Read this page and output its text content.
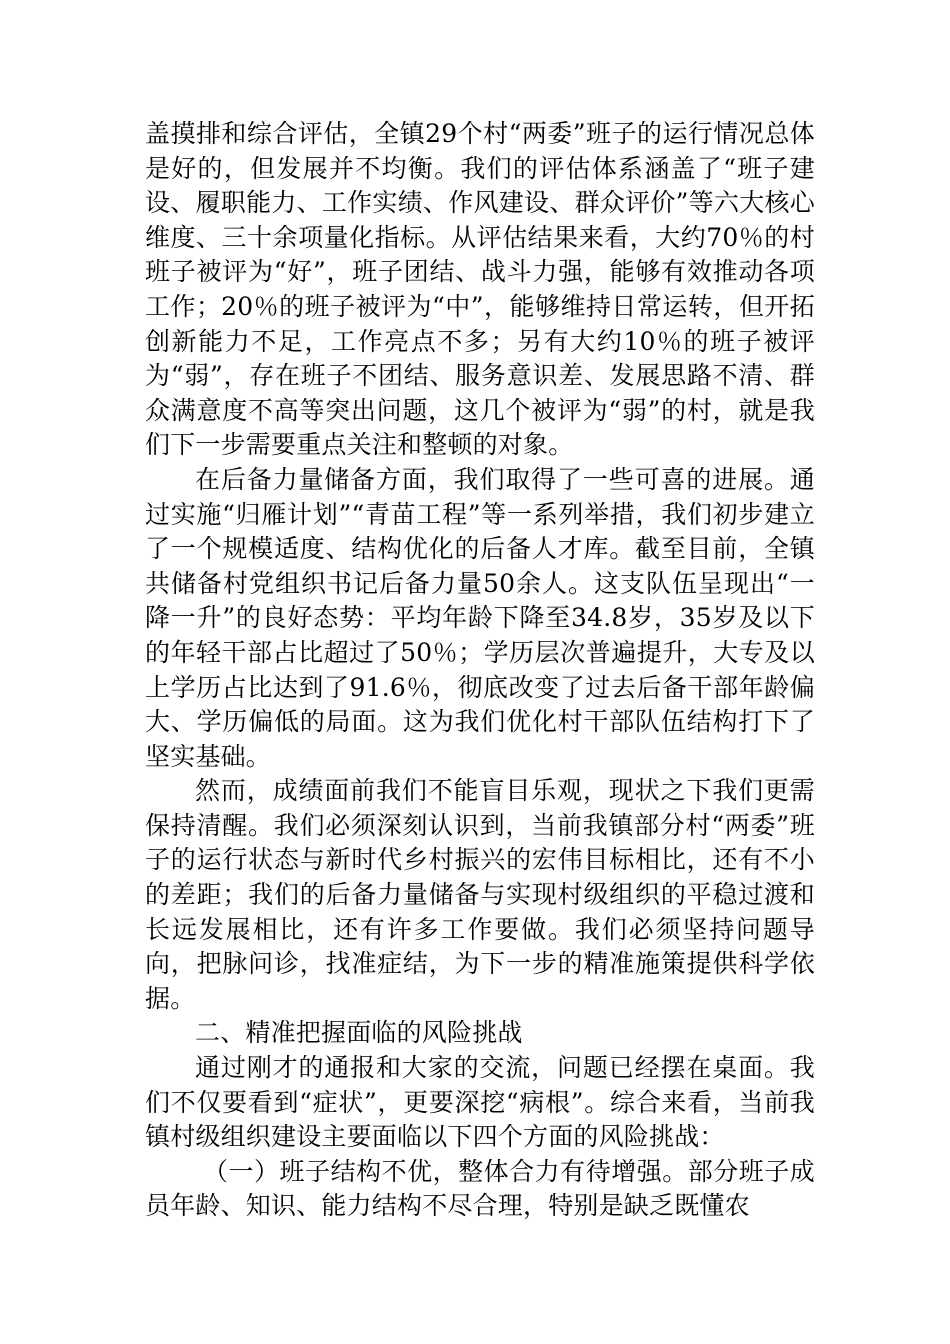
盖摸排和综合评估，全镇29个村“两委”班子的运行情况总体是好的，但发展并不均衡。我们的评估体系涵盖了“班子建设、履职能力、工作实绩、作风建设、群众评价”等六大核心维度、三十余项量化指标。从评估结果来看，大约70％的村班子被评为“好”，班子团结、战斗力强，能够有效推动各项工作；20％的班子被评为“中”，能够维持日常运转，但开拓创新能力不足，工作亮点不多；另有大约10％的班子被评为“弱”，存在班子不团结、服务意识差、发展思路不清、群众满意度不高等突出问题，这几个被评为“弱”的村，就是我们下一步需要重点关注和整顿的对象。

在后备力量储备方面，我们取得了一些可喜的进展。通过实施“归雁计划”“青苗工程”等一系列举措，我们初步建立了一个规模适度、结构优化的后备人才库。截至目前，全镇共储备村党组织书记后备力量50余人。这支队伍呈现出“一降一升”的良好态势：平均年龄下降至34.8岁，35岁及以下的年轻干部占比超过了50％；学历层次普遍提升，大专及以上学历占比达到了91.6％，彻底改变了过去后备干部年龄偏大、学历偏低的局面。这为我们优化村干部队伍结构打下了坚实基础。

然而，成绩面前我们不能盲目乐观，现状之下我们更需保持清醒。我们必须深刻认识到，当前我镇部分村“两委”班子的运行状态与新时代乡村振兴的宏伟目标相比，还有不小的差距；我们的后备力量储备与实现村级组织的平稳过渡和长远发展相比，还有许多工作要做。我们必须坚持问题导向，把脉问诊，找准症结，为下一步的精准施策提供科学依据。

二、精准把握面临的风险挑战

通过刚才的通报和大家的交流，问题已经摆在桌面。我们不仅要看到“症状”，更要深挖“病根”。综合来看，当前我镇村级组织建设主要面临以下四个方面的风险挑战：

（一）班子结构不优，整体合力有待增强。部分班子成员年龄、知识、能力结构不尽合理，特别是缺乏既懂农
